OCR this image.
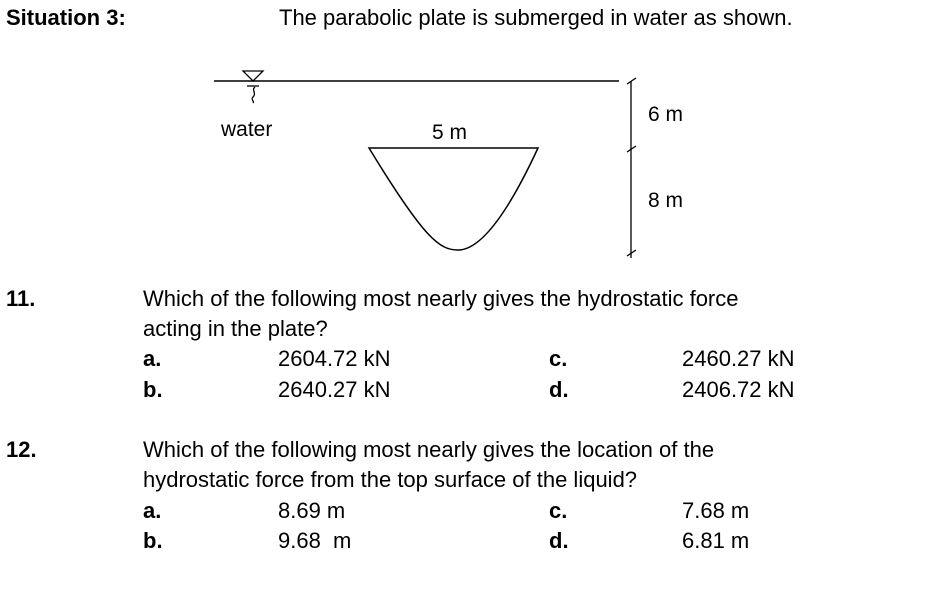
Situation 3:	The parabolic plate is submerged in water as shown.
water	5 m
6 m
8 m
11.	Which of the following most nearly gives the hydrostatic force
acting in the plate?
a.	2604.72 kN
b.	2640.27 kN
c.	2460.27 kN
d.	2406.72 kN
12.	Which of the following most nearly gives the location of the
hydrostatic force from the top surface of the liquid?
a.	8.69 m
b.	9.68  m
c.	7.68 m
d.	6.81 m
